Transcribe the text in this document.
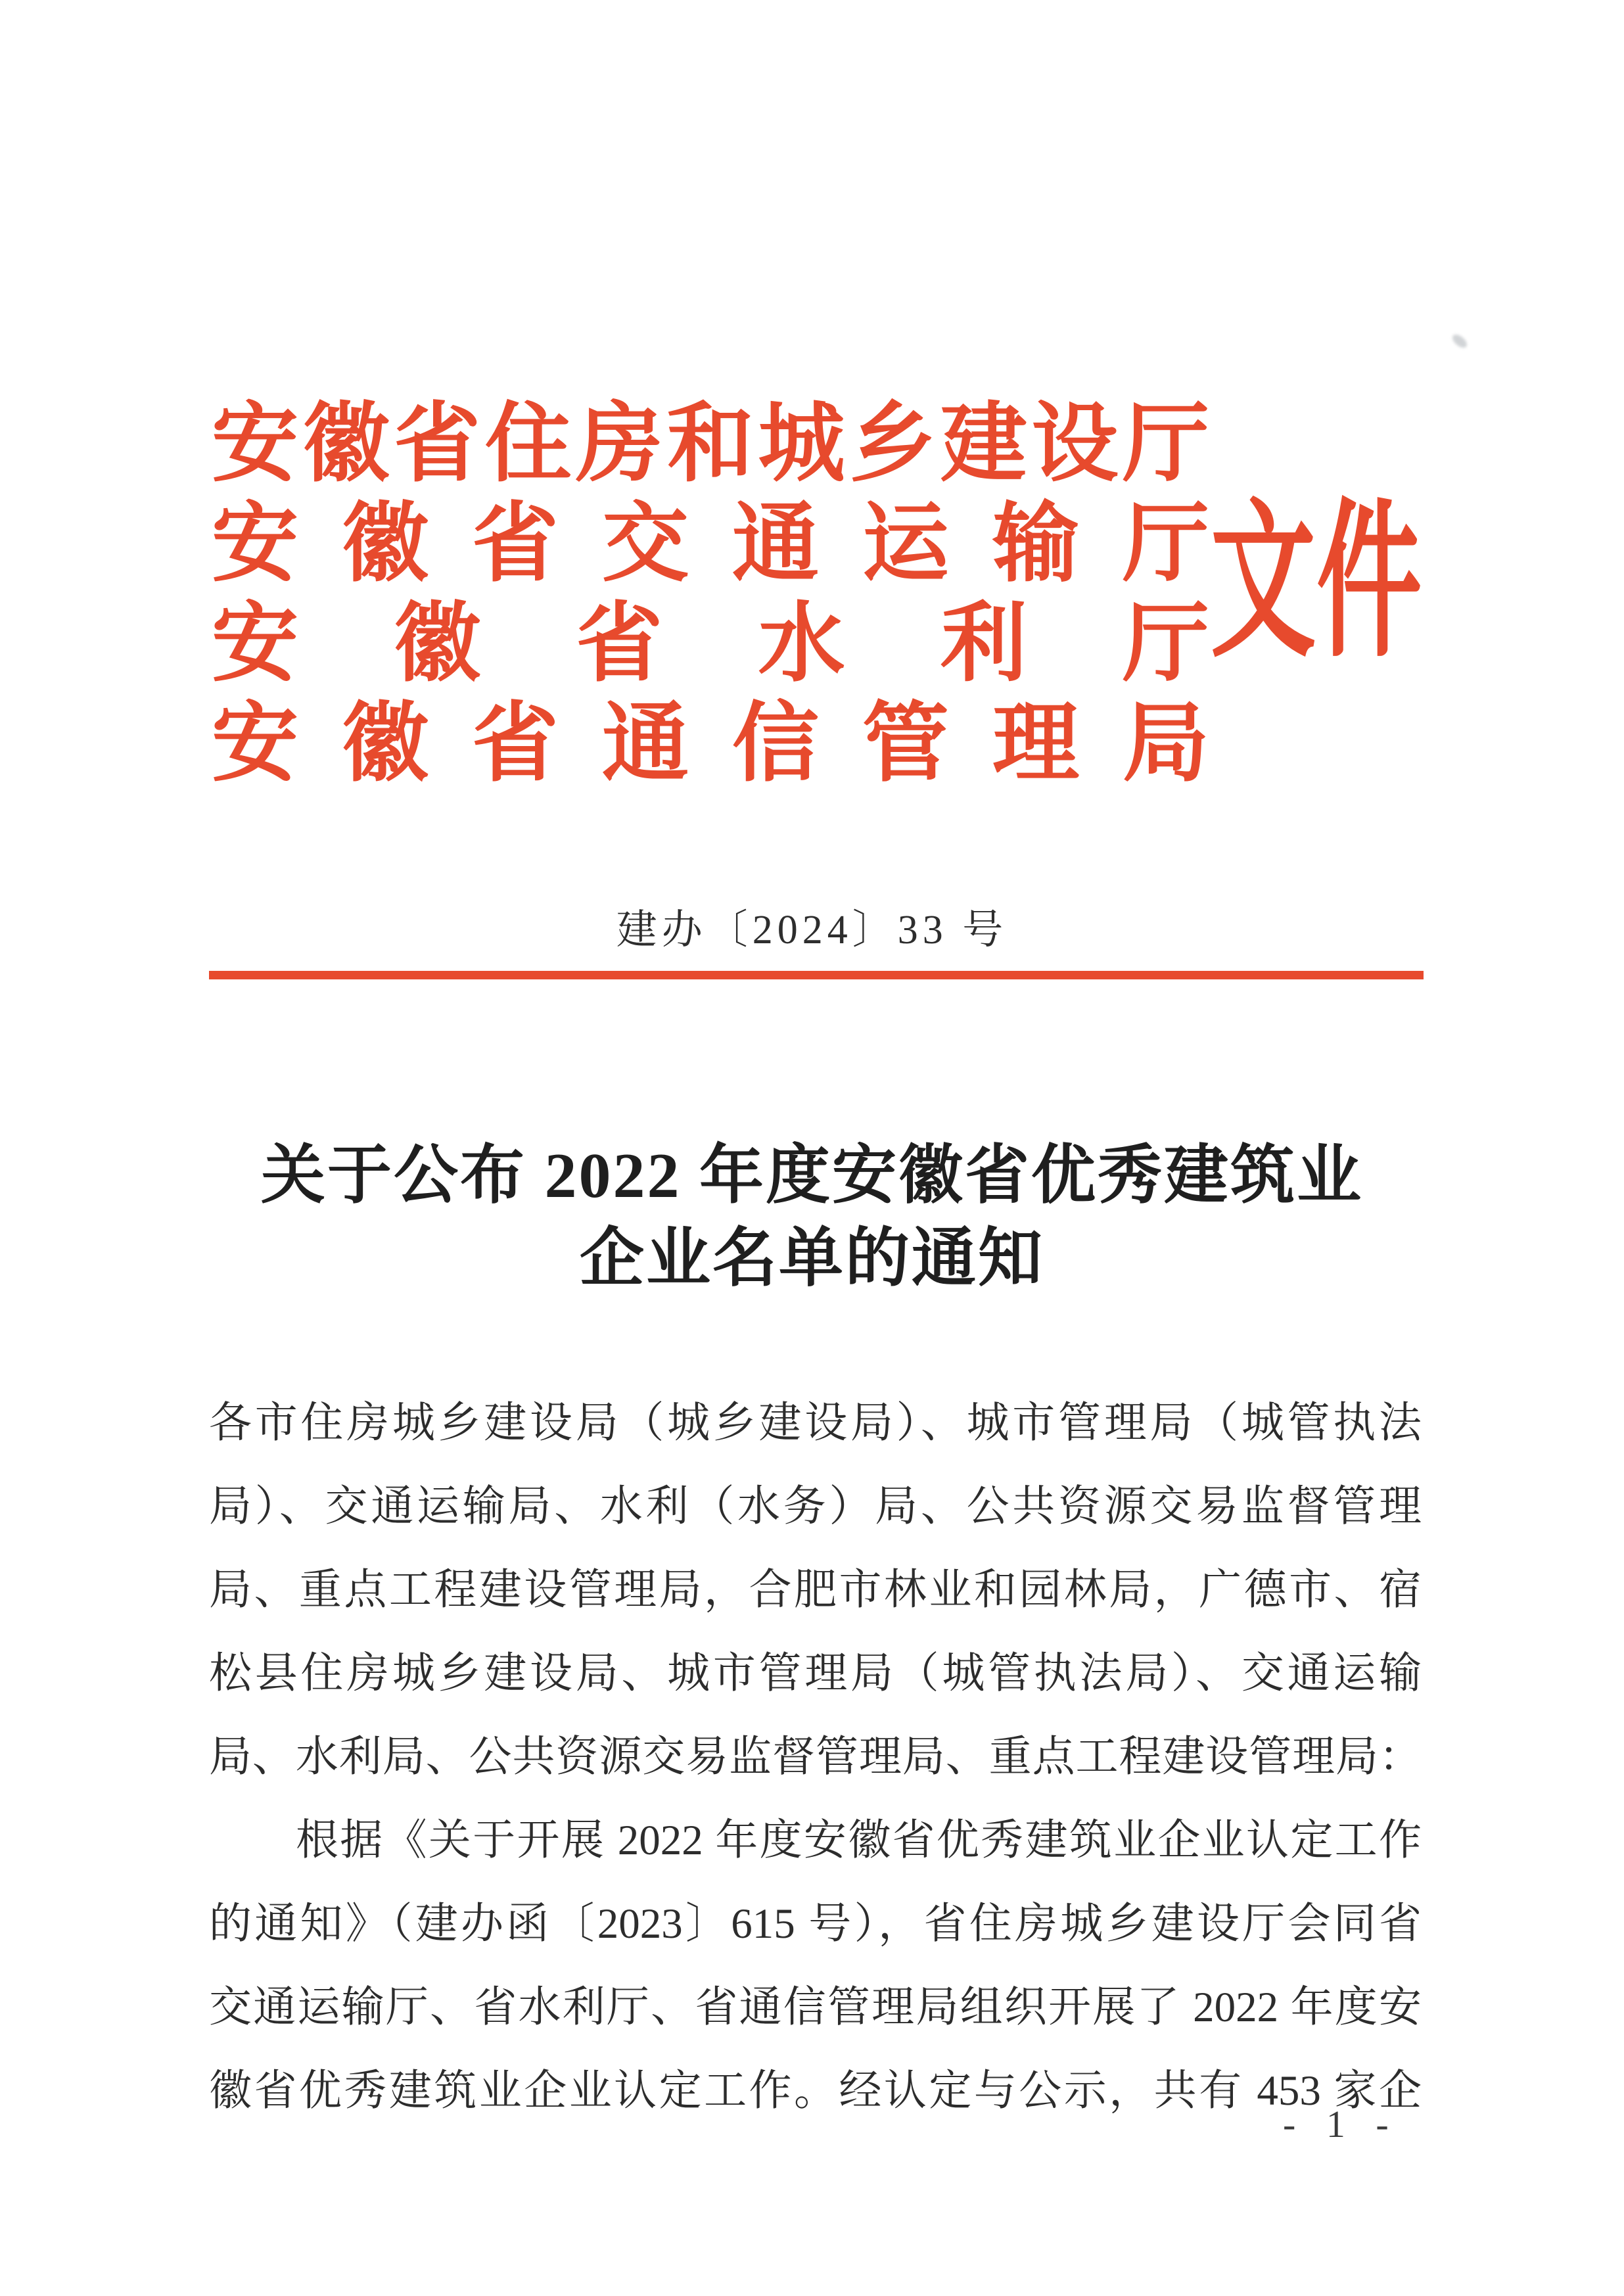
安徽省住房和城乡建设厅
安徽省交通运输厅
安徽省水利厅
安徽省通信管理局
文件
建办〔2024〕33 号
关于公布 2022 年度安徽省优秀建筑业
企业名单的通知
各市住房城乡建设局（城乡建设局）、城市管理局（城管执法
局）、交通运输局、水利（水务）局、公共资源交易监督管理
局、重点工程建设管理局，合肥市林业和园林局，广德市、宿
松县住房城乡建设局、城市管理局（城管执法局）、交通运输
局、水利局、公共资源交易监督管理局、重点工程建设管理局：
根据《关于开展 2022 年度安徽省优秀建筑业企业认定工作
的通知》（建办函〔2023〕615 号），省住房城乡建设厅会同省
交通运输厅、省水利厅、省通信管理局组织开展了 2022 年度安
徽省优秀建筑业企业认定工作。经认定与公示，共有 453 家企
- 1 -
